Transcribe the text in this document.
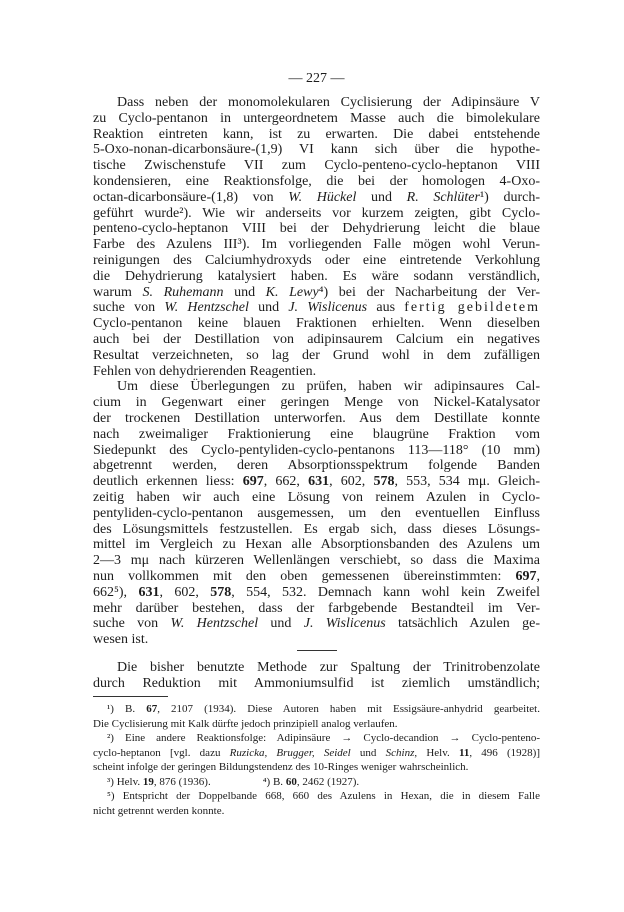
— 227 —
Dass neben der monomolekularen Cyclisierung der Adipinsäure V
zu Cyclo-pentanon in untergeordnetem Masse auch die bimolekulare
Reaktion eintreten kann, ist zu erwarten. Die dabei entstehende
5-Oxo-nonan-dicarbonsäure-(1,9) VI kann sich über die hypothe-
tische Zwischenstufe VII zum Cyclo-penteno-cyclo-heptanon VIII
kondensieren, eine Reaktionsfolge, die bei der homologen 4-Oxo-
octan-dicarbonsäure-(1,8) von W. Hückel und R. Schlüter¹) durch-
geführt wurde²). Wie wir anderseits vor kurzem zeigten, gibt Cyclo-
penteno-cyclo-heptanon VIII bei der Dehydrierung leicht die blaue
Farbe des Azulens III³). Im vorliegenden Falle mögen wohl Verun-
reinigungen des Calciumhydroxyds oder eine eintretende Verkohlung
die Dehydrierung katalysiert haben. Es wäre sodann verständlich,
warum S. Ruhemann und K. Lewy⁴) bei der Nacharbeitung der Ver-
suche von W. Hentzschel und J. Wislicenus aus fertig gebildetem
Cyclo-pentanon keine blauen Fraktionen erhielten. Wenn dieselben
auch bei der Destillation von adipinsaurem Calcium ein negatives
Resultat verzeichneten, so lag der Grund wohl in dem zufälligen
Fehlen von dehydrierenden Reagentien.
Um diese Überlegungen zu prüfen, haben wir adipinsaures Cal-
cium in Gegenwart einer geringen Menge von Nickel-Katalysator
der trockenen Destillation unterworfen. Aus dem Destillate konnte
nach zweimaliger Fraktionierung eine blaugrüne Fraktion vom
Siedepunkt des Cyclo-pentyliden-cyclo-pentanons 113—118° (10 mm)
abgetrennt werden, deren Absorptionsspektrum folgende Banden
deutlich erkennen liess: 697, 662, 631, 602, 578, 553, 534 mμ. Gleich-
zeitig haben wir auch eine Lösung von reinem Azulen in Cyclo-
pentyliden-cyclo-pentanon ausgemessen, um den eventuellen Einfluss
des Lösungsmittels festzustellen. Es ergab sich, dass dieses Lösungs-
mittel im Vergleich zu Hexan alle Absorptionsbanden des Azulens um
2—3 mμ nach kürzeren Wellenlängen verschiebt, so dass die Maxima
nun vollkommen mit den oben gemessenen übereinstimmten: 697,
662⁵), 631, 602, 578, 554, 532. Demnach kann wohl kein Zweifel
mehr darüber bestehen, dass der farbgebende Bestandteil im Ver-
suche von W. Hentzschel und J. Wislicenus tatsächlich Azulen ge-
wesen ist.
Die bisher benutzte Methode zur Spaltung der Trinitrobenzolate
durch Reduktion mit Ammoniumsulfid ist ziemlich umständlich;
¹) B. 67, 2107 (1934). Diese Autoren haben mit Essigsäure-anhydrid gearbeitet.
Die Cyclisierung mit Kalk dürfte jedoch prinzipiell analog verlaufen.
²) Eine andere Reaktionsfolge: Adipinsäure → Cyclo-decandion → Cyclo-penteno-
cyclo-heptanon [vgl. dazu Ruzicka, Brugger, Seidel und Schinz, Helv. 11, 496 (1928)]
scheint infolge der geringen Bildungstendenz des 10-Ringes weniger wahrscheinlich.
³) Helv. 19, 876 (1936).	⁴) B. 60, 2462 (1927).
⁵) Entspricht der Doppelbande 668, 660 des Azulens in Hexan, die in diesem Falle
nicht getrennt werden konnte.
